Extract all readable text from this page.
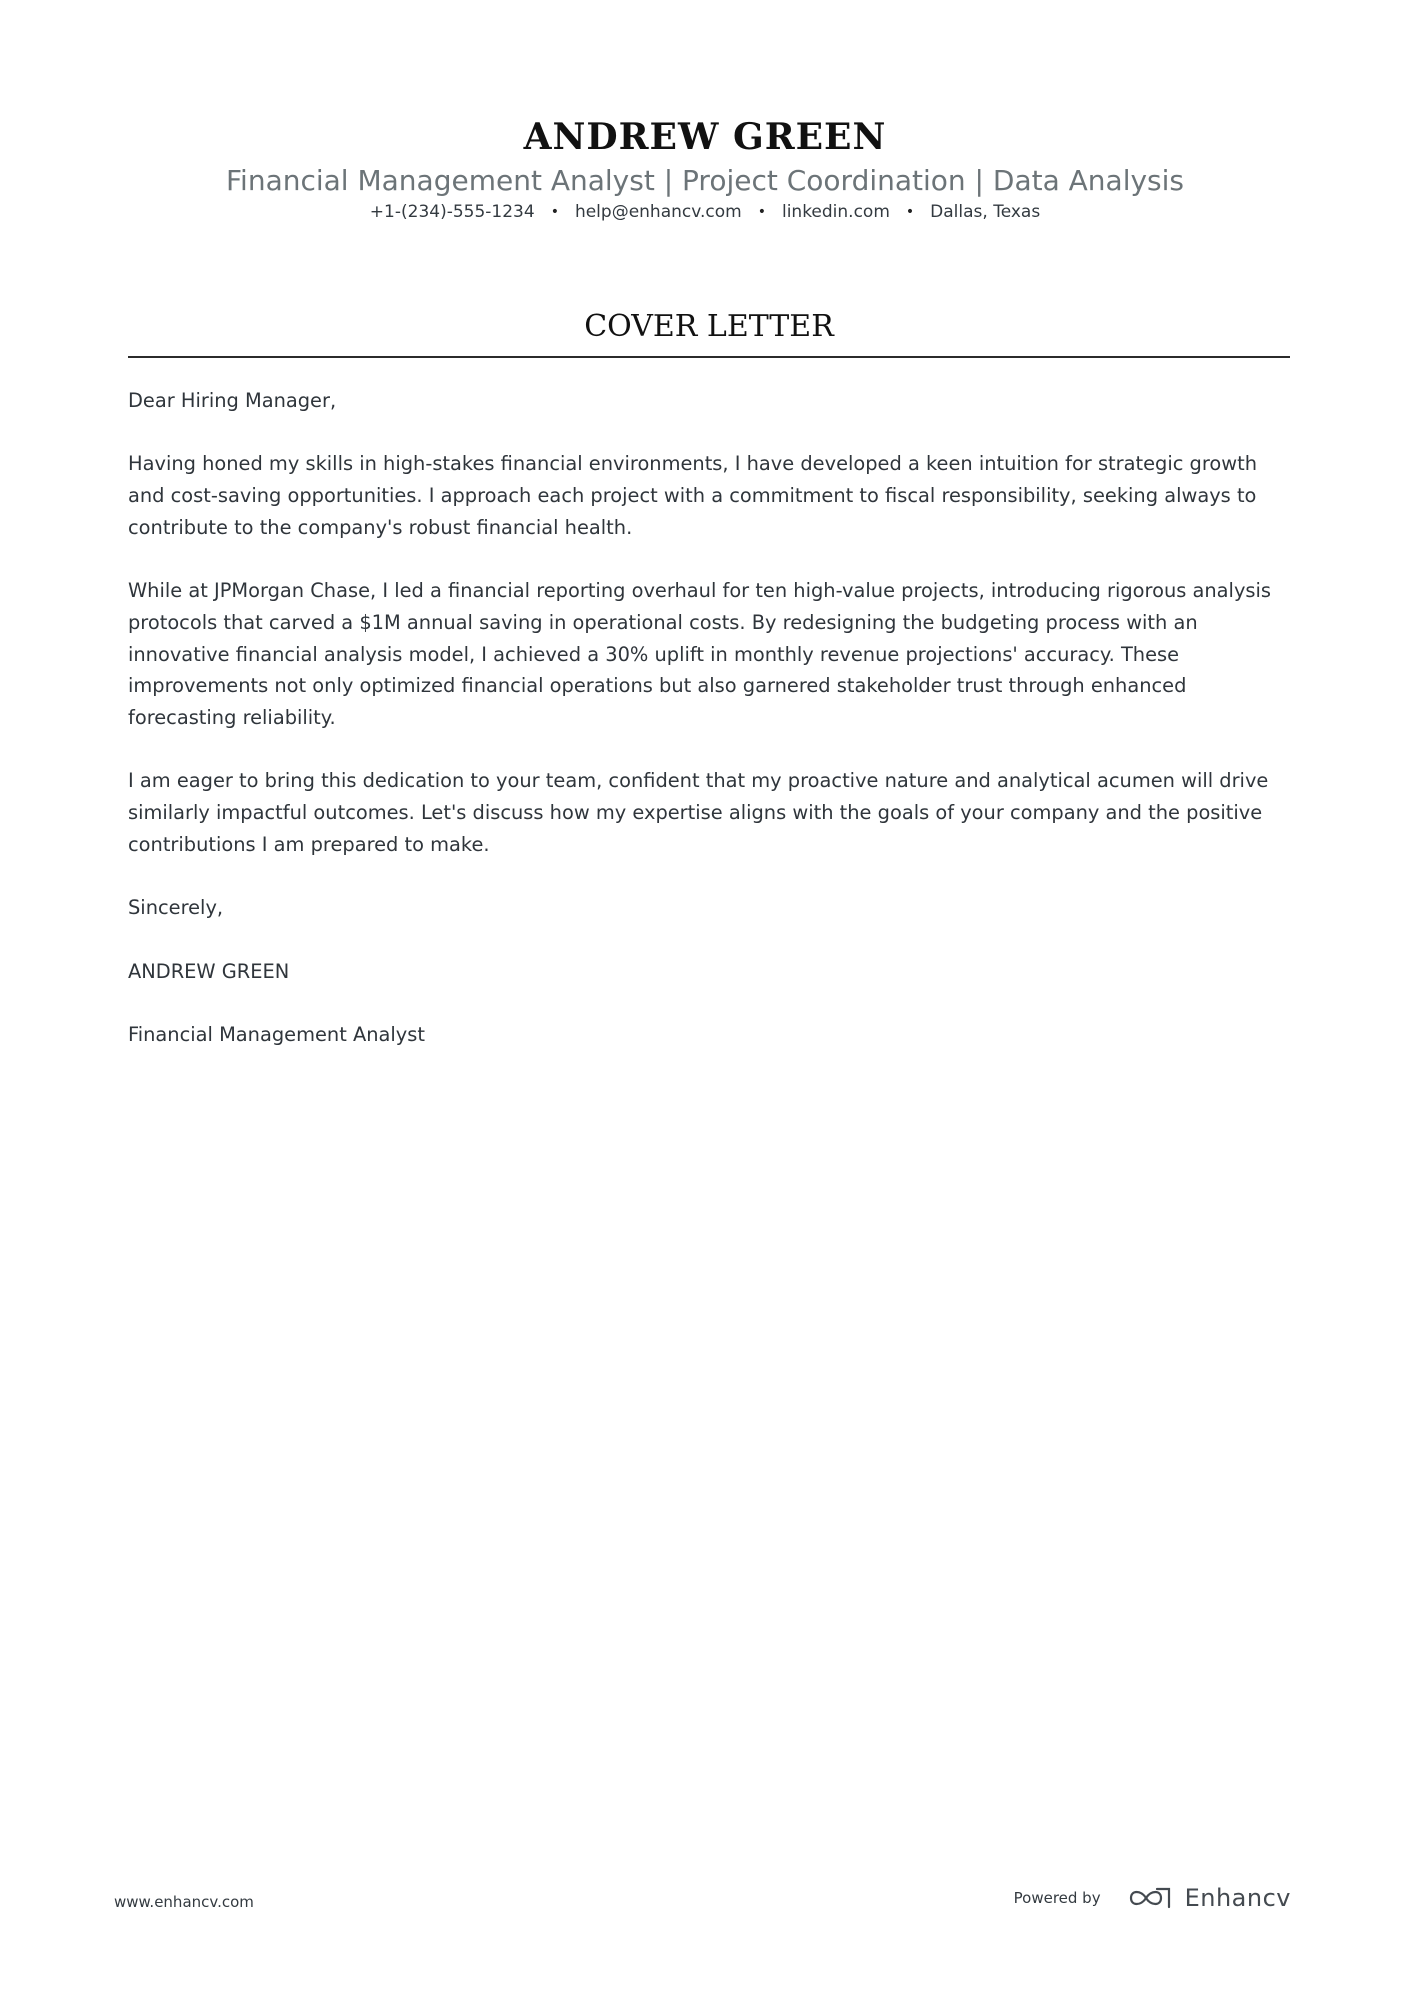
ANDREW GREEN
Financial Management Analyst | Project Coordination | Data Analysis
+1-(234)-555-1234 • help@enhancv.com • linkedin.com • Dallas, Texas
COVER LETTER

Dear Hiring Manager,

Having honed my skills in high-stakes financial environments, I have developed a keen intuition for strategic growth and cost-saving opportunities. I approach each project with a commitment to fiscal responsibility, seeking always to contribute to the company's robust financial health.

While at JPMorgan Chase, I led a financial reporting overhaul for ten high-value projects, introducing rigorous analysis protocols that carved a $1M annual saving in operational costs. By redesigning the budgeting process with an innovative financial analysis model, I achieved a 30% uplift in monthly revenue projections' accuracy. These improvements not only optimized financial operations but also garnered stakeholder trust through enhanced forecasting reliability.

I am eager to bring this dedication to your team, confident that my proactive nature and analytical acumen will drive similarly impactful outcomes. Let's discuss how my expertise aligns with the goals of your company and the positive contributions I am prepared to make.

Sincerely,

ANDREW GREEN

Financial Management Analyst

www.enhancv.com	Powered by	Enhancv
